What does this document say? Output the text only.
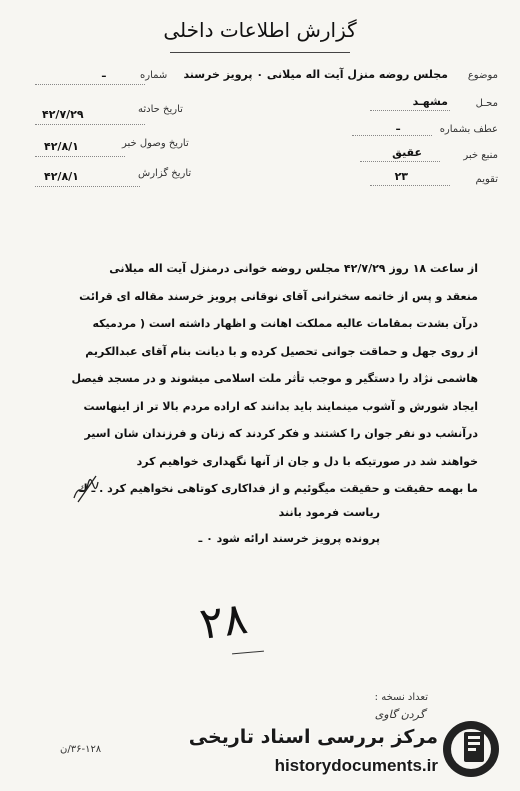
گزارش اطلاعات داخلی
موضوع
مجلس روضه منزل آیت اله میلانی ۰ پرویز خرسند
محـل
مشهـد
عطف بشماره
ـ
منبع خبر
عقیق
تقویم
۲۳
شماره
ـ
تاریخ حادثه
۴۲/۷/۲۹
تاریخ وصول خبر
۴۲/۸/۱
تاریخ گزارش
۴۲/۸/۱
از ساعت ۱۸ روز ۴۲/۷/۲۹ مجلس روضه خوانی درمنزل آیت اله میلانی
منعقد و پس از خاتمه سخنرانی آقای نوقانی پرویز خرسند مقاله ای قرائت
درآن بشدت بمقامات عالیه مملکت اهانت و اظهار داشته است ( مردمیکه
از روی جهل و حماقت جوانی تحصیل کرده و با دیانت بنام آقای عبدالکریم
هاشمی نژاد را دستگیر و موجب تأثر ملت اسلامی میشوند و در مسجد فیصل
ایجاد شورش و آشوب مینمایند باید بدانند که اراده مردم بالا تر از اینهاست
درآنشب دو نفر جوان را کشتند و فکر کردند که زنان و فرزندان شان اسیر
خواهند شد در صورتیکه با دل و جان از آنها نگهداری خواهیم کرد
ما بهمه حقیقت و حقیقت میگوئیم و از فداکاری کوتاهی نخواهیم کرد . ـ ك
ریاست فرمود بانند
پرونده پرویز خرسند ارائه شود ۰ ـ
۲۸
تعداد نسخه :
گردن گاوی
۳۶-۱۲۸/ن
مرکز بررسی اسناد تاریخی
historydocuments.ir
